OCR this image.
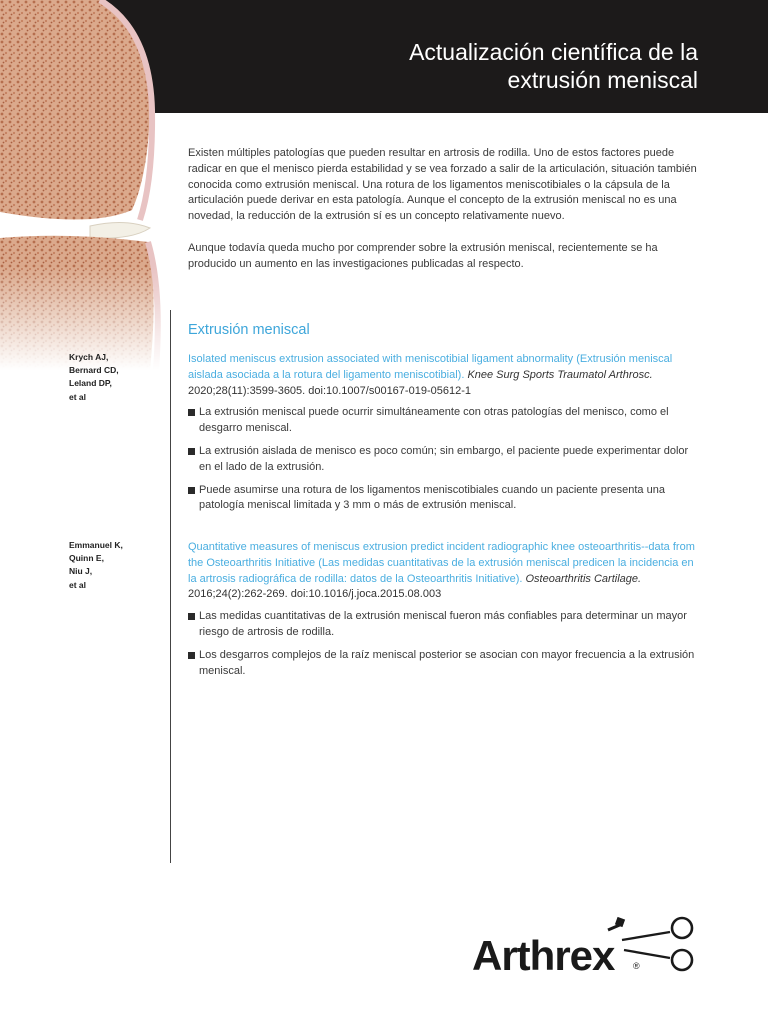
Actualización científica de la
extrusión meniscal

Existen múltiples patologías que pueden resultar en artrosis de rodilla. Uno de estos factores puede radicar en que el menisco pierda estabilidad y se vea forzado a salir de la articulación, situación también conocida como extrusión meniscal. Una rotura de los ligamentos meniscotibiales o la cápsula de la articulación puede derivar en esta patología. Aunque el concepto de la extrusión meniscal no es una novedad, la reducción de la extrusión sí es un concepto relativamente nuevo.

Aunque todavía queda mucho por comprender sobre la extrusión meniscal, recientemente se ha producido un aumento en las investigaciones publicadas al respecto.

Extrusión meniscal
Krych AJ,
Bernard CD,
Leland DP,
et al
Isolated meniscus extrusion associated with meniscotibial ligament abnormality (Extrusión meniscal aislada asociada a la rotura del ligamento meniscotibial). Knee Surg Sports Traumatol Arthrosc. 2020;28(11):3599-3605. doi:10.1007/s00167-019-05612-1
La extrusión meniscal puede ocurrir simultáneamente con otras patologías del menisco, como el desgarro meniscal.
La extrusión aislada de menisco es poco común; sin embargo, el paciente puede experimentar dolor en el lado de la extrusión.
Puede asumirse una rotura de los ligamentos meniscotibiales cuando un paciente presenta una patología meniscal limitada y 3 mm o más de extrusión meniscal.
Emmanuel K,
Quinn E,
Niu J,
et al
Quantitative measures of meniscus extrusion predict incident radiographic knee osteoarthritis--data from the Osteoarthritis Initiative (Las medidas cuantitativas de la extrusión meniscal predicen la incidencia en la artrosis radiográfica de rodilla: datos de la Osteoarthritis Initiative). Osteoarthritis Cartilage. 2016;24(2):262-269. doi:10.1016/j.joca.2015.08.003
Las medidas cuantitativas de la extrusión meniscal fueron más confiables para determinar un mayor riesgo de artrosis de rodilla.
Los desgarros complejos de la raíz meniscal posterior se asocian con mayor frecuencia a la extrusión meniscal.
Arthrex ®
